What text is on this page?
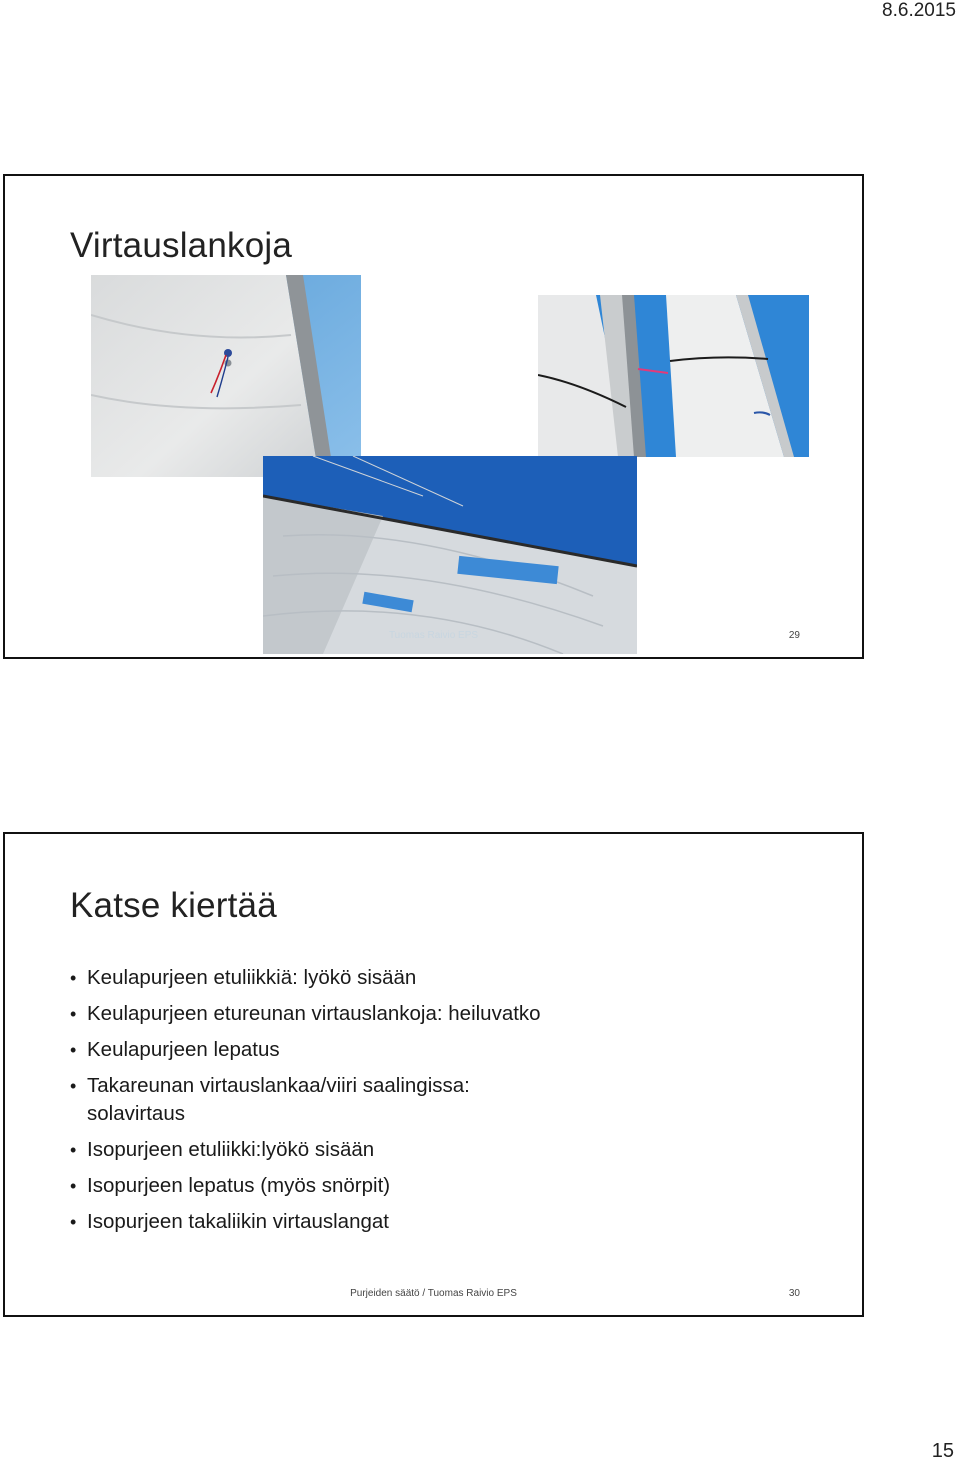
8.6.2015
Virtauslankoja
Tuomas Raivio EPS	29
Katse kiertää
• Keulapurjeen etuliikkiä: lyökö sisään
• Keulapurjeen etureunan virtauslankoja: heiluvatko
• Keulapurjeen lepatus
• Takareunan virtauslankaa/viiri saalingissa: solavirtaus
• Isopurjeen etuliikki:lyökö sisään
• Isopurjeen lepatus (myös snörpit)
• Isopurjeen takaliikin virtauslangat
Purjeiden säätö / Tuomas Raivio EPS	30
15
